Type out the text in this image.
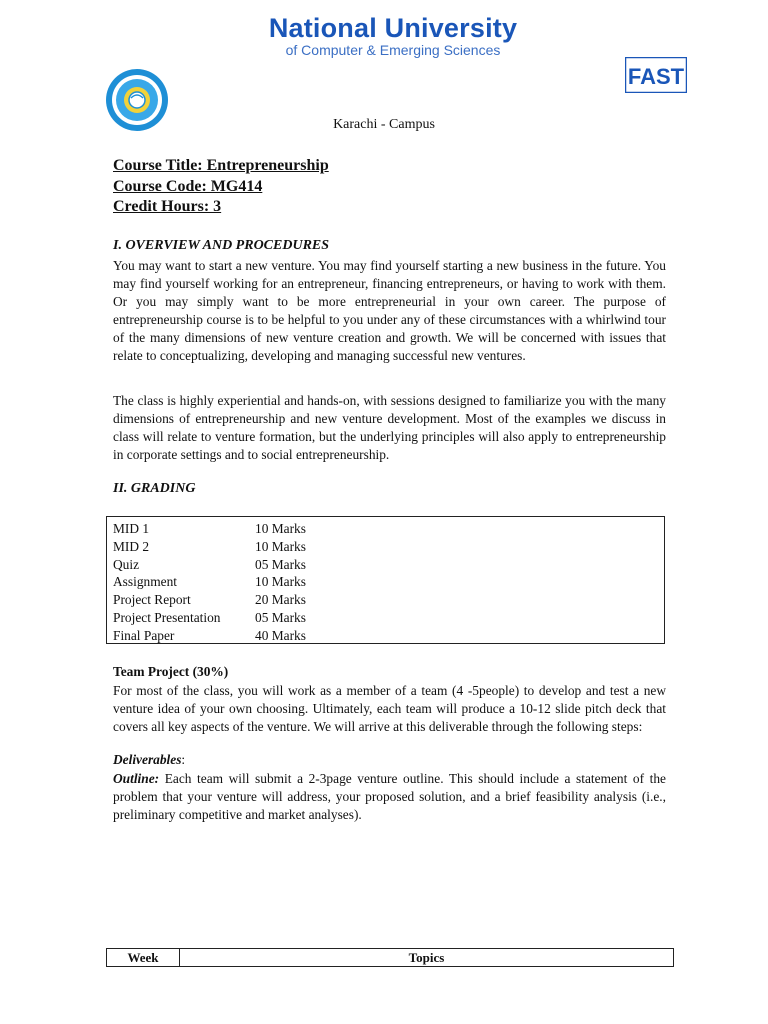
National University
of Computer & Emerging Sciences
FAST
Karachi - Campus

Course Title: Entrepreneurship

Course Code: MG414

Credit Hours: 3

I. OVERVIEW AND PROCEDURES

You may want to start a new venture. You may find yourself starting a new business in the future. You may find yourself working for an entrepreneur, financing entrepreneurs, or having to work with them. Or you may simply want to be more entrepreneurial in your own career. The purpose of entrepreneurship course is to be helpful to you under any of these circumstances with a whirlwind tour of the many dimensions of new venture creation and growth. We will be concerned with issues that relate to conceptualizing, developing and managing successful new ventures.

The class is highly experiential and hands-on, with sessions designed to familiarize you with the many dimensions of entrepreneurship and new venture development. Most of the examples we discuss in class will relate to venture formation, but the underlying principles will also apply to entrepreneurship in corporate settings and to social entrepreneurship.

II. GRADING

MID 1	10 Marks
MID 2	10 Marks
Quiz	05 Marks
Assignment	10 Marks
Project Report	20 Marks
Project Presentation	05 Marks
Final Paper	40 Marks
Team Project (30%)

For most of the class, you will work as a member of a team (4 -5people) to develop and test a new venture idea of your own choosing. Ultimately, each team will produce a 10-12 slide pitch deck that covers all key aspects of the venture. We will arrive at this deliverable through the following steps:

Deliverables:

Outline: Each team will submit a 2-3page venture outline. This should include a statement of the problem that your venture will address, your proposed solution, and a brief feasibility analysis (i.e., preliminary competitive and market analyses).

Week	Topics
